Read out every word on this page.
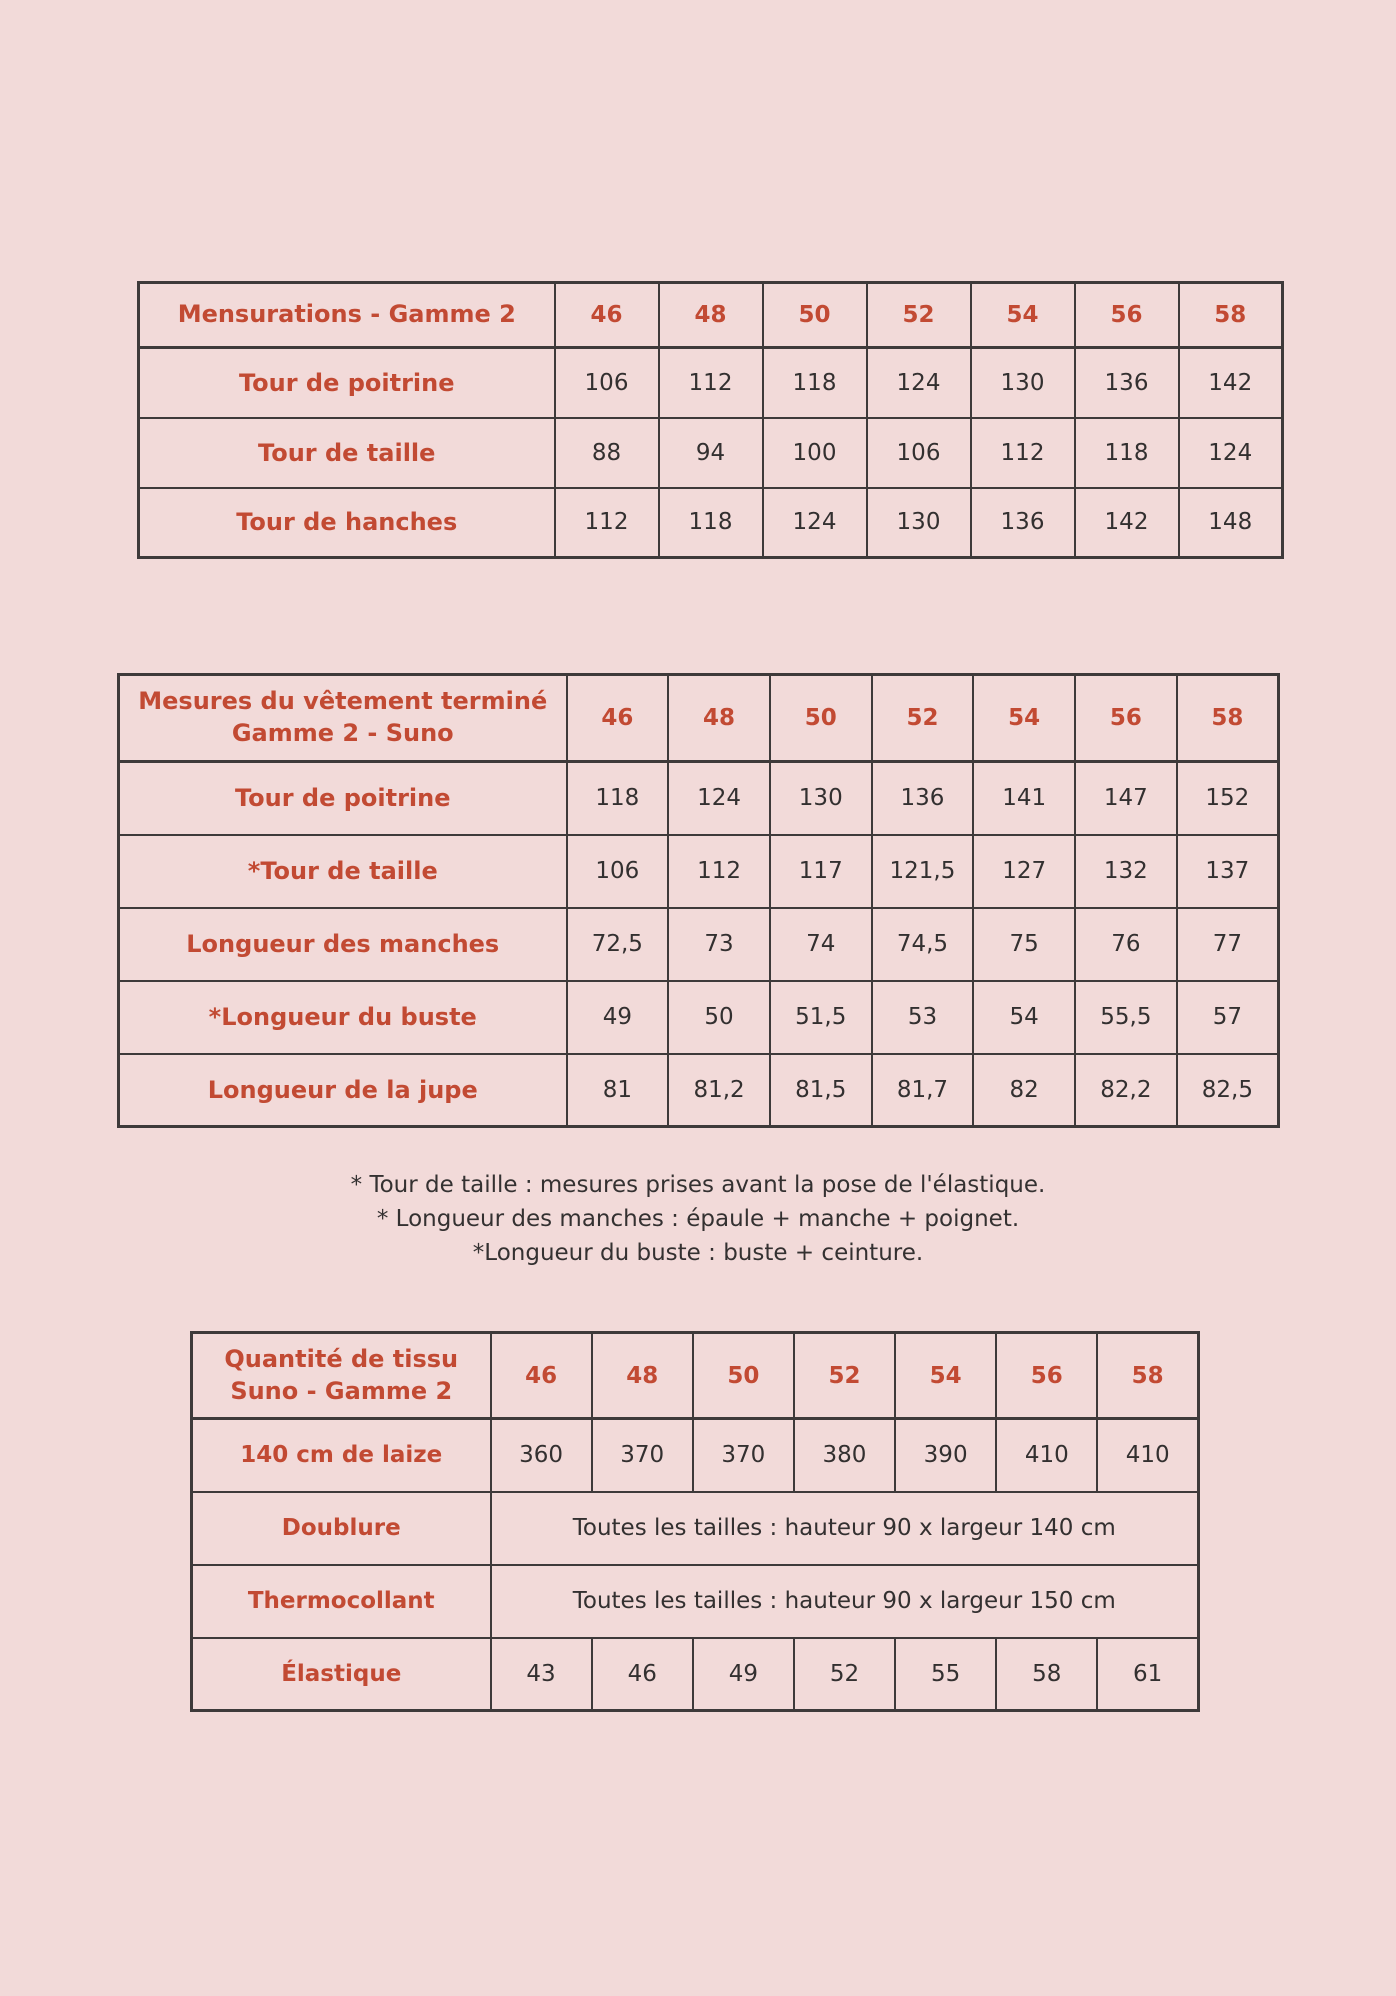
Mensurations - Gamme 2	46	48	50	52	54	56	58
Tour de poitrine	106	112	118	124	130	136	142
Tour de taille	88	94	100	106	112	118	124
Tour de hanches	112	118	124	130	136	142	148
Mesures du vêtement terminé
Gamme 2 - Suno	46	48	50	52	54	56	58
Tour de poitrine	118	124	130	136	141	147	152
*Tour de taille	106	112	117	121,5	127	132	137
Longueur des manches	72,5	73	74	74,5	75	76	77
*Longueur du buste	49	50	51,5	53	54	55,5	57
Longueur de la jupe	81	81,2	81,5	81,7	82	82,2	82,5
* Tour de taille : mesures prises avant la pose de l'élastique.
* Longueur des manches : épaule + manche + poignet.
*Longueur du buste : buste + ceinture.
Quantité de tissu
Suno - Gamme 2	46	48	50	52	54	56	58
140 cm de laize	360	370	370	380	390	410	410
Doublure	Toutes les tailles : hauteur 90 x largeur 140 cm						
Thermocollant	Toutes les tailles : hauteur 90 x largeur 150 cm						
Élastique	43	46	49	52	55	58	61
